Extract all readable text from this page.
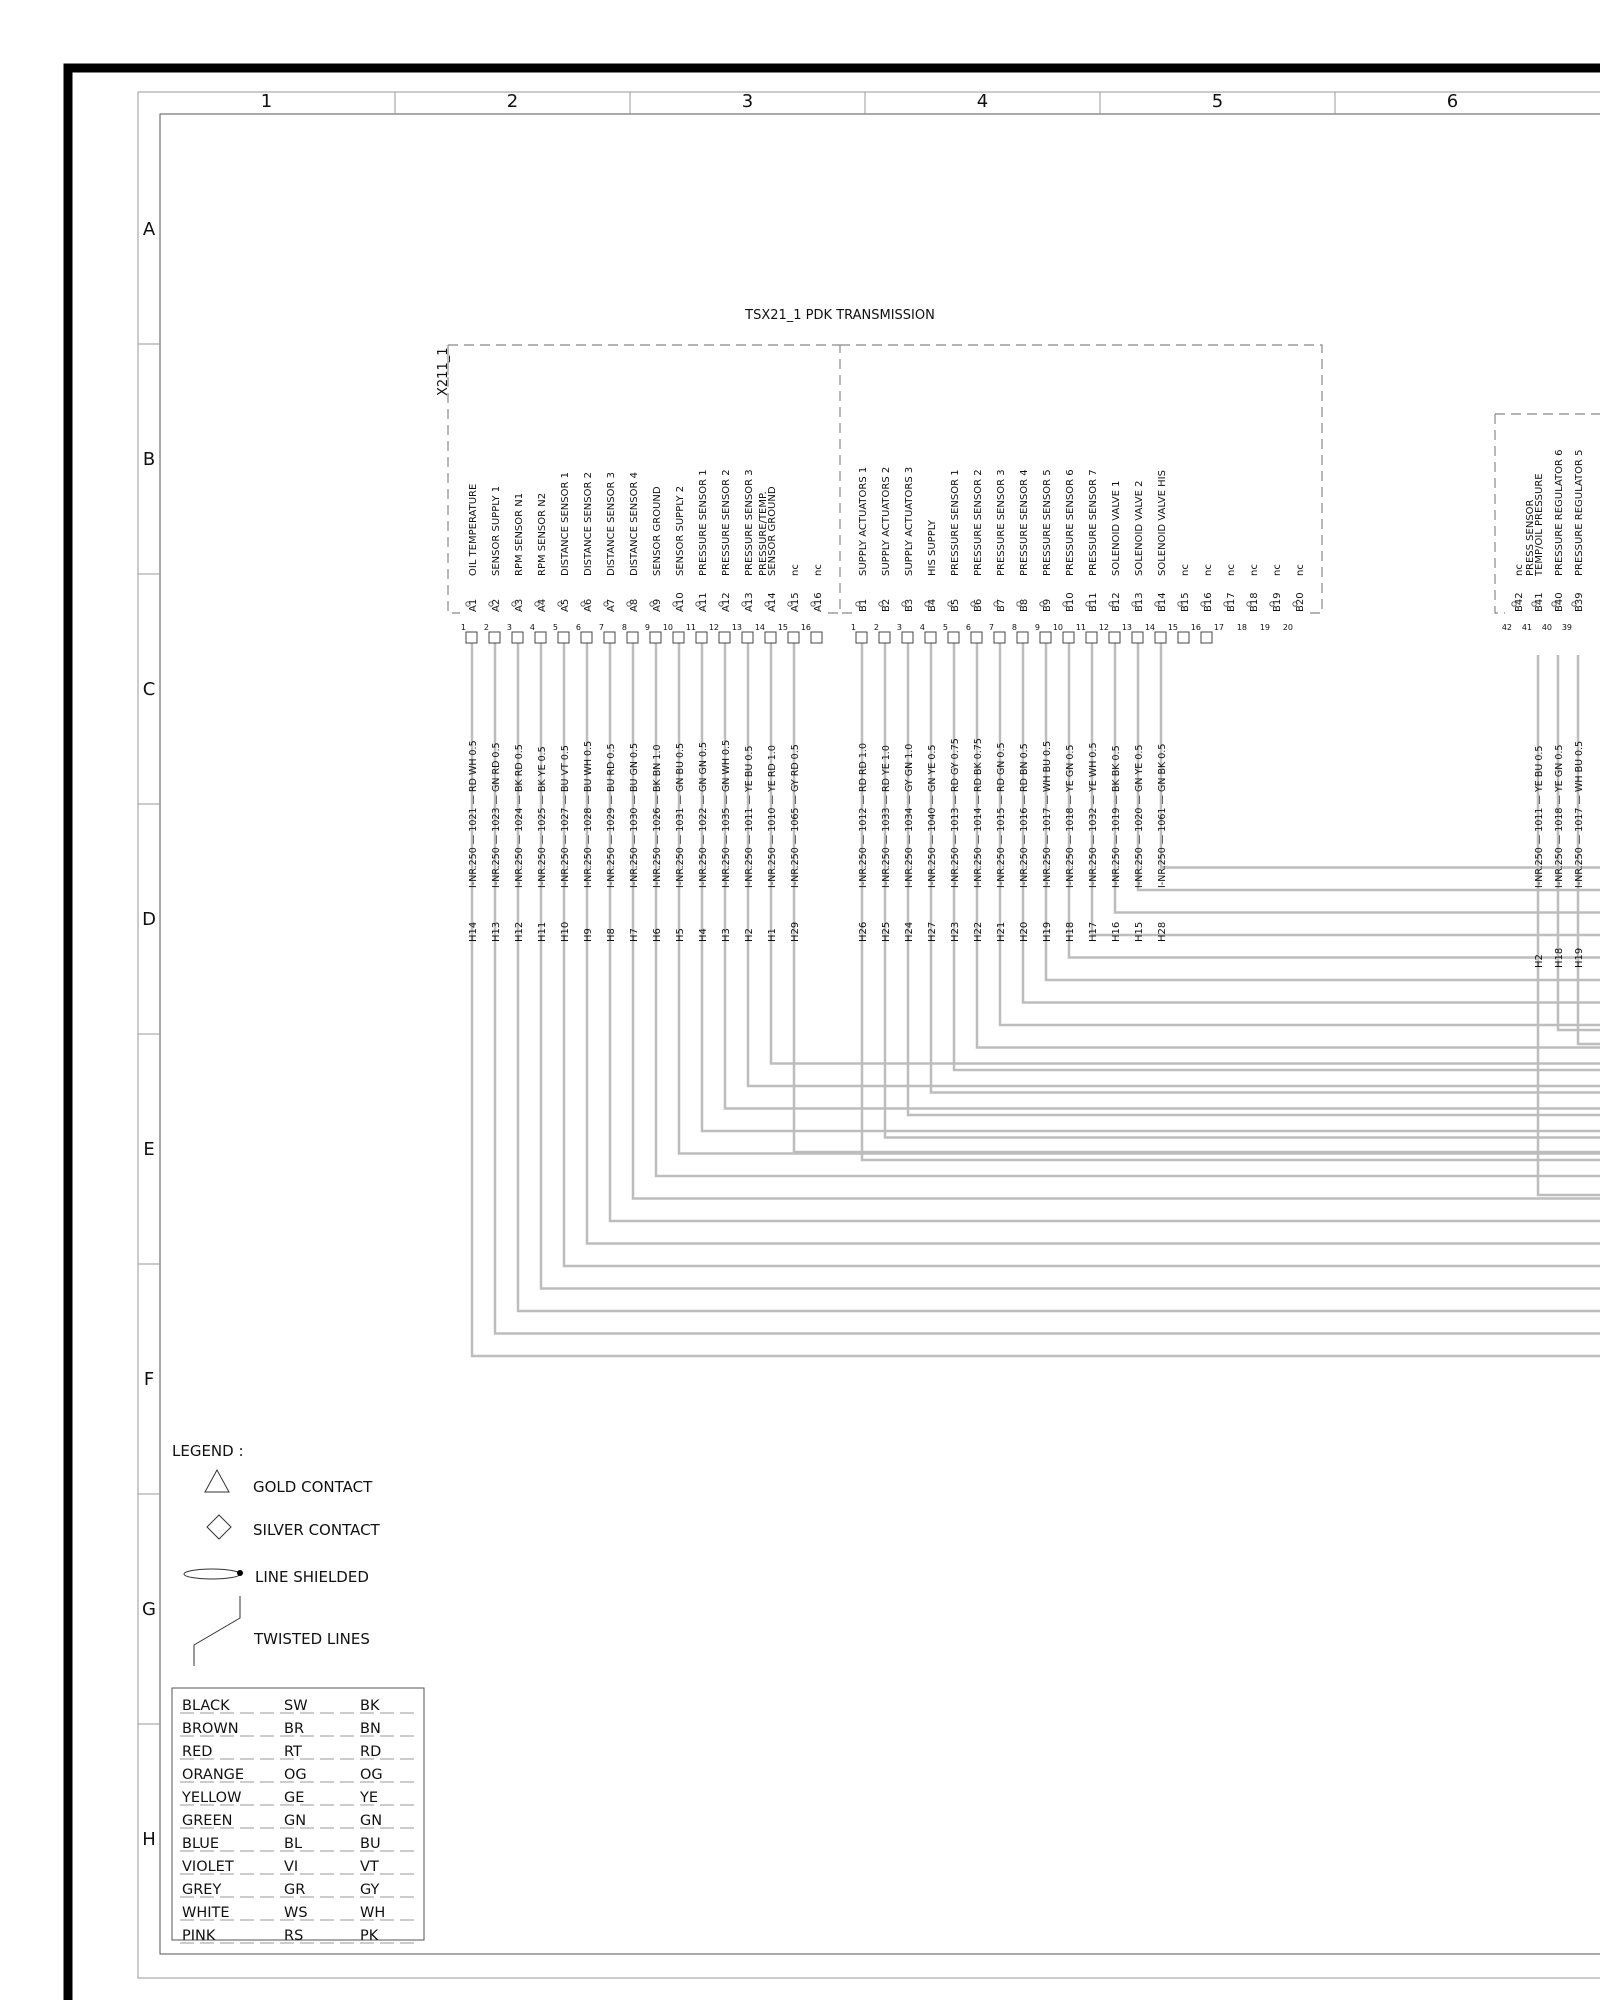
1	2	3	4	5	6
A
B
C
D
E
F
G
H
TSX21_1 PDK TRANSMISSION
X211_1
OIL TEMPERATURE
A1
1
I-NR.250 — 1021 — RD WH 0.5
H14
SENSOR SUPPLY 1
A2
2
I-NR.250 — 1023 — GN RD 0.5
H13
RPM SENSOR N1
A3
3
I-NR.250 — 1024 — BK RD 0.5
H12
RPM SENSOR N2
A4
4
I-NR.250 — 1025 — BK YE 0.5
H11
DISTANCE SENSOR 1
A5
5
I-NR.250 — 1027 — BU VT 0.5
H10
DISTANCE SENSOR 2
A6
6
I-NR.250 — 1028 — BU WH 0.5
H9
DISTANCE SENSOR 3
A7
7
I-NR.250 — 1029 — BU RD 0.5
H8
DISTANCE SENSOR 4
A8
8
I-NR.250 — 1030 — BU GN 0.5
H7
SENSOR GROUND
A9
9
I-NR.250 — 1026 — BK BN 1.0
H6
SENSOR SUPPLY 2
A10
10
I-NR.250 — 1031 — GN BU 0.5
H5
PRESSURE SENSOR 1
A11
11
I-NR.250 — 1022 — GN GN 0.5
H4
PRESSURE SENSOR 2
A12
12
I-NR.250 — 1035 — GN WH 0.5
H3
PRESSURE SENSOR 3
A13
13
I-NR.250 — 1011 — YE BU 0.5
H2
PRESSURE/TEMP.
SENSOR GROUND
A14
14
I-NR.250 — 1010 — YE RD 1.0
H1
nc
A15
15
I-NR.250 — 1065 — GY RD 0.5
H29
nc
A16
16
SUPPLY ACTUATORS 1
B1
1
I-NR.250 — 1012 — RD RD 1.0
H26
SUPPLY ACTUATORS 2
B2
2
I-NR.250 — 1033 — RD YE 1.0
H25
SUPPLY ACTUATORS 3
B3
3
I-NR.250 — 1034 — GY GN 1.0
H24
HIS SUPPLY
B4
4
I-NR.250 — 1040 — GN YE 0.5
H27
PRESSURE SENSOR 1
B5
5
I-NR.250 — 1013 — RD GY 0.75
H23
PRESSURE SENSOR 2
B6
6
I-NR.250 — 1014 — RD BK 0.75
H22
PRESSURE SENSOR 3
B7
7
I-NR.250 — 1015 — RD GN 0.5
H21
PRESSURE SENSOR 4
B8
8
I-NR.250 — 1016 — RD BN 0.5
H20
PRESSURE SENSOR 5
B9
9
I-NR.250 — 1017 — WH BU 0.5
H19
PRESSURE SENSOR 6
B10
10
I-NR.250 — 1018 — YE GN 0.5
H18
PRESSURE SENSOR 7
B11
11
I-NR.250 — 1032 — YE WH 0.5
H17
SOLENOID VALVE 1
B12
12
I-NR.250 — 1019 — BK BK 0.5
H16
SOLENOID VALVE 2
B13
13
I-NR.250 — 1020 — GN YE 0.5
H15
SOLENOID VALVE HIS
B14
14
I-NR.250 — 1061 — GN BK 0.5
H28
nc
B15
15
nc
B16
16
nc
B17
17
nc
B18
18
nc
B19
19
nc
B20
20
nc
B42
42
PRESS SENSOR
TEMP/OIL PRESSURE
B41
41
I-NR.250 — 1011 — YE BU 0.5
H2
PRESSURE REGULATOR 6
B40
40
I-NR.250 — 1018 — YE GN 0.5
H18
PRESSURE REGULATOR 5
B39
39
I-NR.250 — 1017 — WH BU 0.5
H19
LEGEND :
GOLD CONTACT
SILVER CONTACT
LINE SHIELDED
TWISTED LINES
BLACK	SW	BK
BROWN	BR	BN
RED	RT	RD
ORANGE	OG	OG
YELLOW	GE	YE
GREEN	GN	GN
BLUE	BL	BU
VIOLET	VI	VT
GREY	GR	GY
WHITE	WS	WH
PINK	RS	PK
